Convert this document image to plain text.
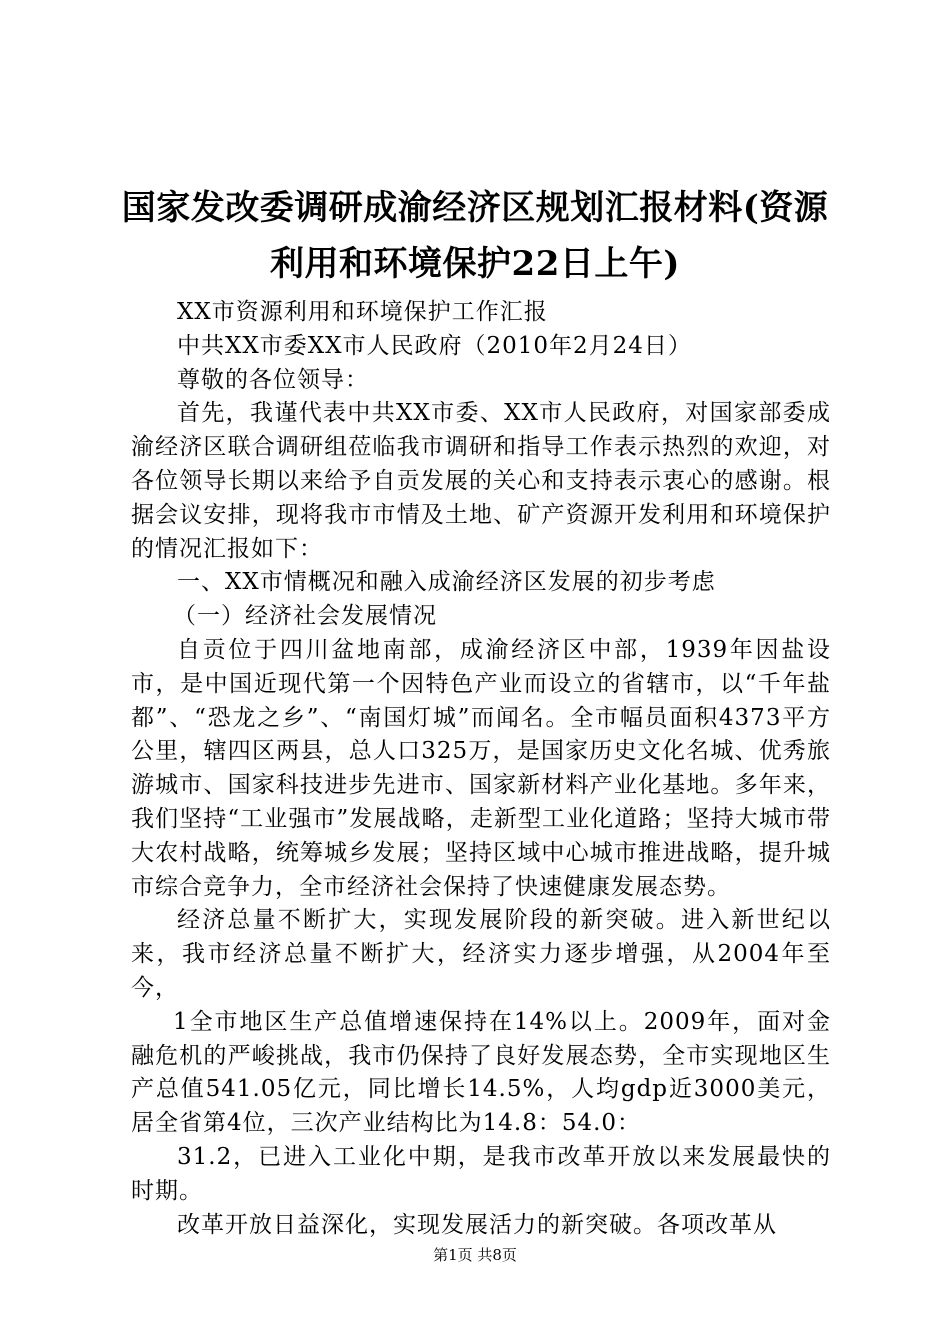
国家发改委调研成渝经济区规划汇报材料(资源利用和环境保护22日上午)

XX市资源利用和环境保护工作汇报

中共XX市委XX市人民政府（2010年2月24日）

尊敬的各位领导：

首先，我谨代表中共XX市委、XX市人民政府，对国家部委成渝经济区联合调研组莅临我市调研和指导工作表示热烈的欢迎，对各位领导长期以来给予自贡发展的关心和支持表示衷心的感谢。根据会议安排，现将我市市情及土地、矿产资源开发利用和环境保护的情况汇报如下：

一、XX市情概况和融入成渝经济区发展的初步考虑

（一）经济社会发展情况

自贡位于四川盆地南部，成渝经济区中部，1939年因盐设市，是中国近现代第一个因特色产业而设立的省辖市，以“千年盐都”、“恐龙之乡”、“南国灯城”而闻名。全市幅员面积4373平方公里，辖四区两县，总人口325万，是国家历史文化名城、优秀旅游城市、国家科技进步先进市、国家新材料产业化基地。多年来，我们坚持“工业强市”发展战略，走新型工业化道路；坚持大城市带大农村战略，统筹城乡发展；坚持区域中心城市推进战略，提升城市综合竞争力，全市经济社会保持了快速健康发展态势。

经济总量不断扩大，实现发展阶段的新突破。进入新世纪以来，我市经济总量不断扩大，经济实力逐步增强，从2004年至今，

1全市地区生产总值增速保持在14%以上。2009年，面对金融危机的严峻挑战，我市仍保持了良好发展态势，全市实现地区生产总值541.05亿元，同比增长14.5%，人均gdp近3000美元，居全省第4位，三次产业结构比为14.8：54.0：

31.2，已进入工业化中期，是我市改革开放以来发展最快的时期。

改革开放日益深化，实现发展活力的新突破。各项改革从

第1页 共8页
